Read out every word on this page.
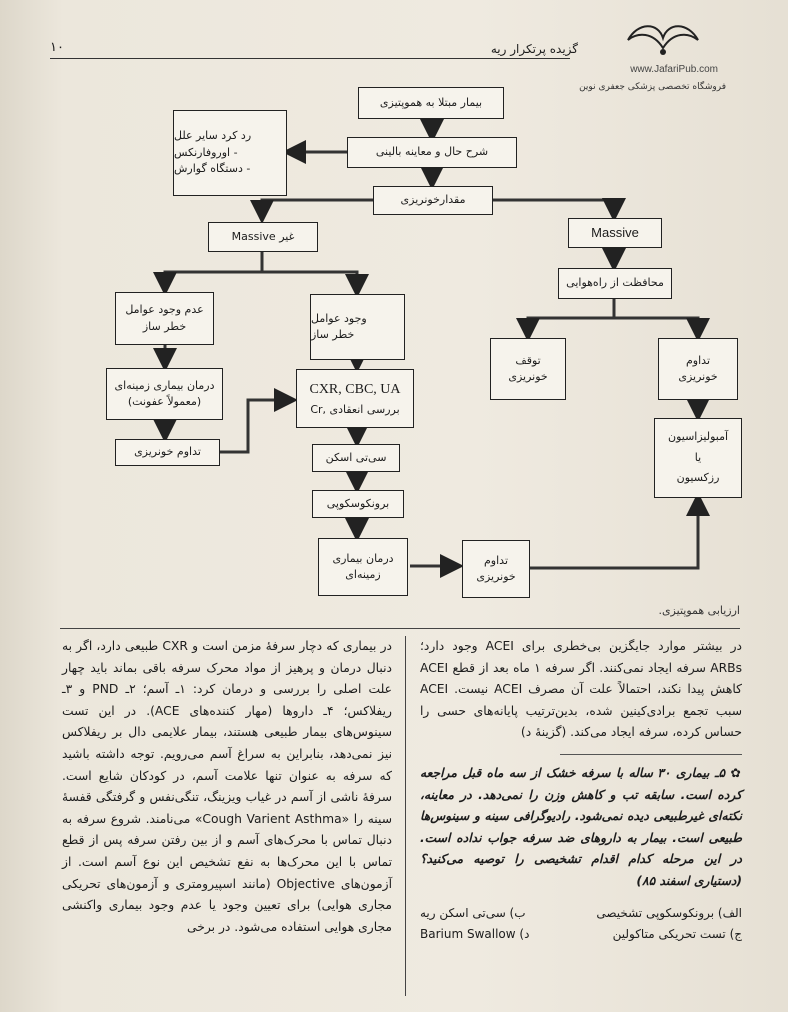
۱۰	گزیده پرتکرار ریه
www.JafariPub.com
فروشگاه تخصصی پزشکی جعفری نوین
بیمار مبتلا به هموپتیزی
شرح حال و معاینه بالینی
رد کرد سایر علل
- اوروفارنکس
- دستگاه گوارش
مقدارخونریزی
غیر Massive	Massive
محافظت از راه‌هوایی
عدم وجود عوامل
خطر ساز
وجود عوامل
خطر ساز
توقف
خونریزی
تداوم
خونریزی
درمان بیماری زمینه‌ای
(معمولاً عفونت)
CXR, CBC, UA
بررسی انعقادی ,Cr
آمبولیزاسیون
یا
رزکسیون
تداوم خونریزی	سی‌تی اسکن
برونکوسکوپی
درمان بیماری
زمینه‌ای
تداوم
خونریزی
ارزیابی هموپتیزی.
در بیشتر موارد جایگزین بی‌خطری برای ACEI وجود دارد؛ ARBs سرفه ایجاد نمی‌کنند. اگر سرفه ۱ ماه بعد از قطع ACEI کاهش پیدا نکند، احتمالاً علت آن مصرف ACEI نیست. ACEI سبب تجمع برادی‌کینین شده، بدین‌ترتیب پایانه‌های حسی را حساس کرده، سرفه ایجاد می‌کند. (گزینهٔ د)
✿ ۵ـ بیماری ۳۰ ساله با سرفه خشک از سه ماه قبل مراجعه کرده است. سابقه تب و کاهش وزن را نمی‌دهد. در معاینه، نکته‌ای غیرطبیعی دیده نمی‌شود. رادیوگرافی سینه و سینوس‌ها طبیعی است. بیمار به داروهای ضد سرفه جواب نداده است. در این مرحله کدام اقدام تشخیصی را توصیه می‌کنید؟ (دستیاری اسفند ۸۵)
الف) برونکوسکوپی تشخیصی
ب) سی‌تی اسکن ریه
ج) تست تحریکی متاکولین
د) Barium Swallow
در بیماری که دچار سرفهٔ مزمن است و CXR طبیعی دارد، اگر به دنبال درمان و پرهیز از مواد محرک سرفه باقی بماند باید چهار علت اصلی را بررسی و درمان کرد: ۱ـ آسم؛ ۲ـ PND و ۳ـ ریفلاکس؛ ۴ـ داروها (مهار کننده‌های ACE). در این تست سینوس‌های بیمار طبیعی هستند، بیمار علایمی دال بر ریفلاکس نیز نمی‌دهد، بنابراین به سراغ آسم می‌رویم. توجه داشته باشید که سرفه به عنوان تنها علامت آسم، در کودکان شایع است. سرفهٔ ناشی از آسم در غیاب ویزینگ، تنگی‌نفس و گرفتگی قفسهٔ سینه را «Cough Varient Asthma» می‌نامند. شروع سرفه به دنبال تماس با محرک‌های آسم و از بین رفتن سرفه پس از قطع تماس با این محرک‌ها به نفع تشخیص این نوع آسم است. از آزمون‌های Objective (مانند اسپیرومتری و آزمون‌های تحریکی مجاری هوایی) برای تعیین وجود یا عدم وجود بیماری واکنشی مجاری هوایی استفاده می‌شود. در برخی
